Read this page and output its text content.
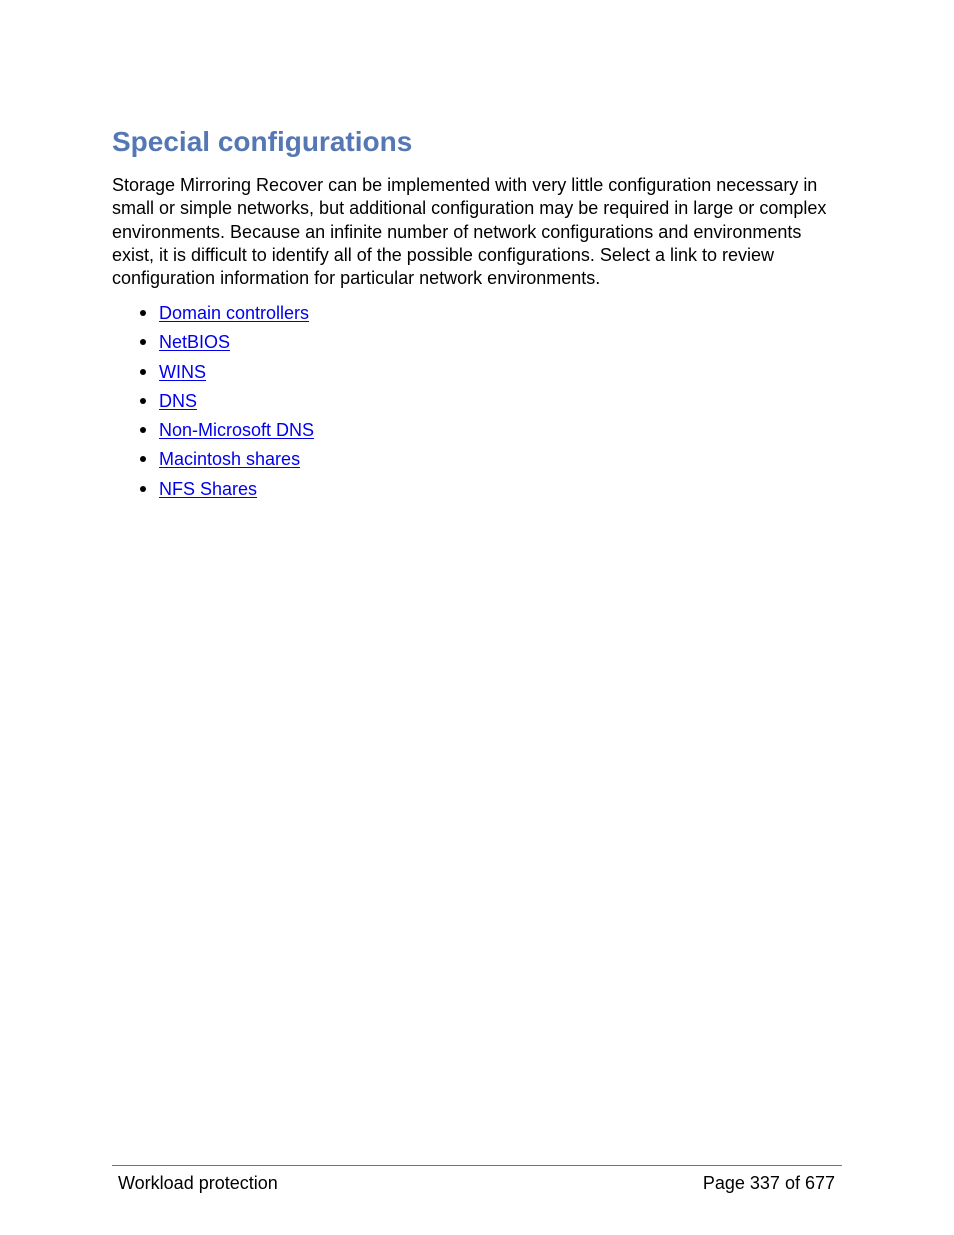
Special configurations

Storage Mirroring Recover can be implemented with very little configuration necessary in small or simple networks, but additional configuration may be required in large or complex environments. Because an infinite number of network configurations and environments exist, it is difficult to identify all of the possible configurations. Select a link to review configuration information for particular network environments.

Domain controllers
NetBIOS
WINS
DNS
Non-Microsoft DNS
Macintosh shares
NFS Shares
Workload protection	Page 337 of 677
